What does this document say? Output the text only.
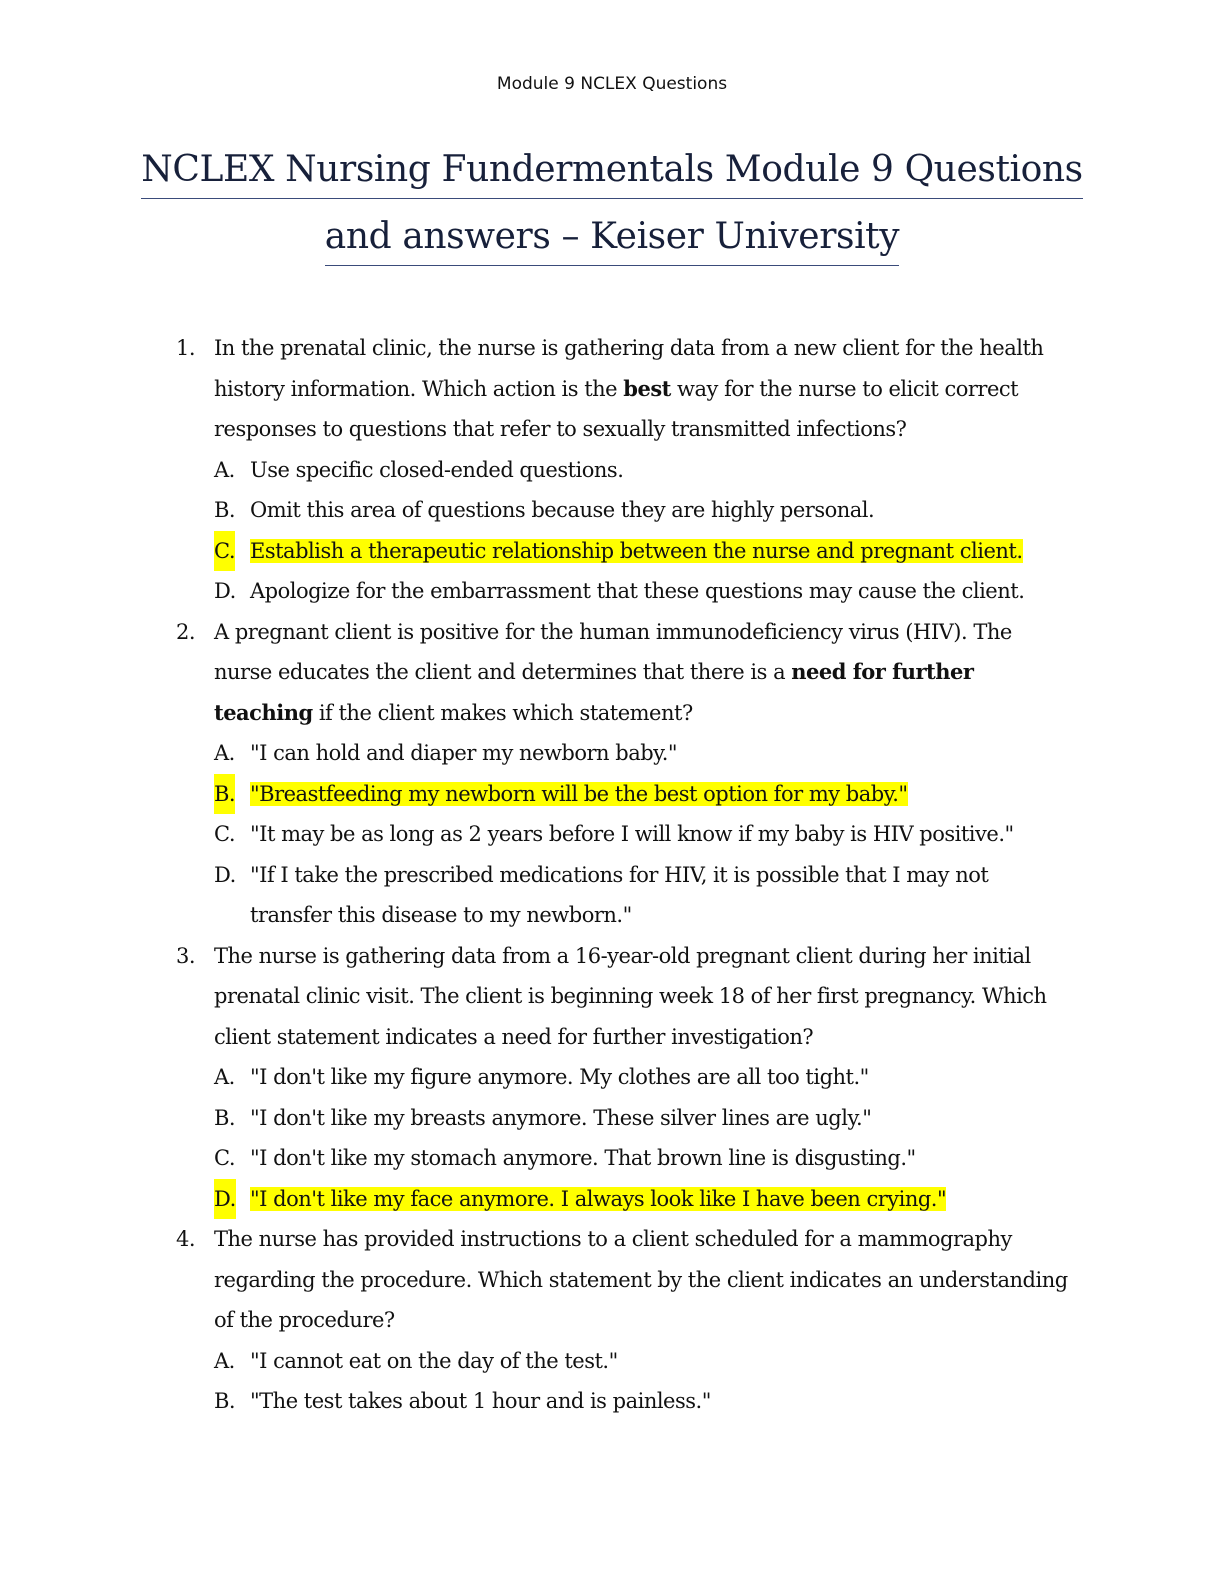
Module 9 NCLEX Questions
NCLEX Nursing Fundermentals Module 9 Questions
and answers – Keiser University
1. In the prenatal clinic, the nurse is gathering data from a new client for the health history information. Which action is the best way for the nurse to elicit correct responses to questions that refer to sexually transmitted infections?
A. Use specific closed-ended questions.
B. Omit this area of questions because they are highly personal.
C. Establish a therapeutic relationship between the nurse and pregnant client.
D. Apologize for the embarrassment that these questions may cause the client.
2. A pregnant client is positive for the human immunodeficiency virus (HIV). The nurse educates the client and determines that there is a need for further teaching if the client makes which statement?
A. "I can hold and diaper my newborn baby."
B. "Breastfeeding my newborn will be the best option for my baby."
C. "It may be as long as 2 years before I will know if my baby is HIV positive."
D. "If I take the prescribed medications for HIV, it is possible that I may not transfer this disease to my newborn."
3. The nurse is gathering data from a 16-year-old pregnant client during her initial prenatal clinic visit. The client is beginning week 18 of her first pregnancy. Which client statement indicates a need for further investigation?
A. "I don't like my figure anymore. My clothes are all too tight."
B. "I don't like my breasts anymore. These silver lines are ugly."
C. "I don't like my stomach anymore. That brown line is disgusting."
D. "I don't like my face anymore. I always look like I have been crying."
4. The nurse has provided instructions to a client scheduled for a mammography regarding the procedure. Which statement by the client indicates an understanding of the procedure?
A. "I cannot eat on the day of the test."
B. "The test takes about 1 hour and is painless."
